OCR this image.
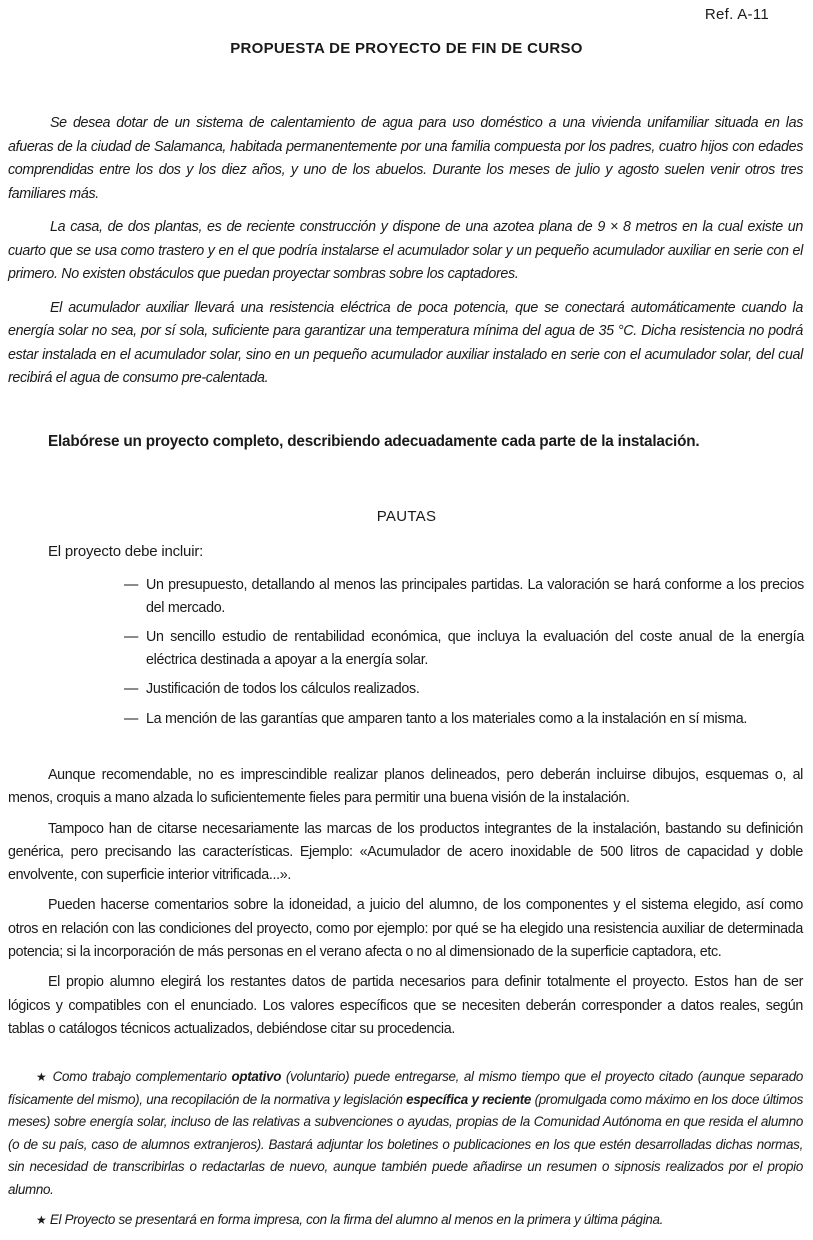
Ref. A-11
PROPUESTA DE PROYECTO DE FIN DE CURSO

Se desea dotar de un sistema de calentamiento de agua para uso doméstico a una vivienda unifamiliar situada en las afueras de la ciudad de Salamanca, habitada permanentemente por una familia compuesta por los padres, cuatro hijos con edades comprendidas entre los dos y los diez años, y uno de los abuelos. Durante los meses de julio y agosto suelen venir otros tres familiares más.

La casa, de dos plantas, es de reciente construcción y dispone de una azotea plana de 9 × 8 metros en la cual existe un cuarto que se usa como trastero y en el que podría instalarse el acumulador solar y un pequeño acumulador auxiliar en serie con el primero. No existen obstáculos que puedan proyectar sombras sobre los captadores.

El acumulador auxiliar llevará una resistencia eléctrica de poca potencia, que se conectará automáticamente cuando la energía solar no sea, por sí sola, suficiente para garantizar una temperatura mínima del agua de 35 °C. Dicha resistencia no podrá estar instalada en el acumulador solar, sino en un pequeño acumulador auxiliar instalado en serie con el acumulador solar, del cual recibirá el agua de consumo pre-calentada.

Elabórese un proyecto completo, describiendo adecuadamente cada parte de la instalación.
PAUTAS
El proyecto debe incluir:
— Un presupuesto, detallando al menos las principales partidas. La valoración se hará conforme a los precios del mercado.
— Un sencillo estudio de rentabilidad económica, que incluya la evaluación del coste anual de la energía eléctrica destinada a apoyar a la energía solar.
— Justificación de todos los cálculos realizados.
— La mención de las garantías que amparen tanto a los materiales como a la instalación en sí misma.

Aunque recomendable, no es imprescindible realizar planos delineados, pero deberán incluirse dibujos, esquemas o, al menos, croquis a mano alzada lo suficientemente fieles para permitir una buena visión de la instalación.

Tampoco han de citarse necesariamente las marcas de los productos integrantes de la instalación, bastando su definición genérica, pero precisando las características. Ejemplo: «Acumulador de acero inoxidable de 500 litros de capacidad y doble envolvente, con superficie interior vitrificada...».

Pueden hacerse comentarios sobre la idoneidad, a juicio del alumno, de los componentes y el sistema elegido, así como otros en relación con las condiciones del proyecto, como por ejemplo: por qué se ha elegido una resistencia auxiliar de determinada potencia; si la incorporación de más personas en el verano afecta o no al dimensionado de la superficie captadora, etc.

El propio alumno elegirá los restantes datos de partida necesarios para definir totalmente el proyecto. Estos han de ser lógicos y compatibles con el enunciado. Los valores específicos que se necesiten deberán corresponder a datos reales, según tablas o catálogos técnicos actualizados, debiéndose citar su procedencia.

★ Como trabajo complementario optativo (voluntario) puede entregarse, al mismo tiempo que el proyecto citado (aunque separado físicamente del mismo), una recopilación de la normativa y legislación específica y reciente (promulgada como máximo en los doce últimos meses) sobre energía solar, incluso de las relativas a subvenciones o ayudas, propias de la Comunidad Autónoma en que resida el alumno (o de su país, caso de alumnos extranjeros). Bastará adjuntar los boletines o publicaciones en los que estén desarrolladas dichas normas, sin necesidad de transcribirlas o redactarlas de nuevo, aunque también puede añadirse un resumen o sipnosis realizados por el propio alumno.

★ El Proyecto se presentará en forma impresa, con la firma del alumno al menos en la primera y última página.
